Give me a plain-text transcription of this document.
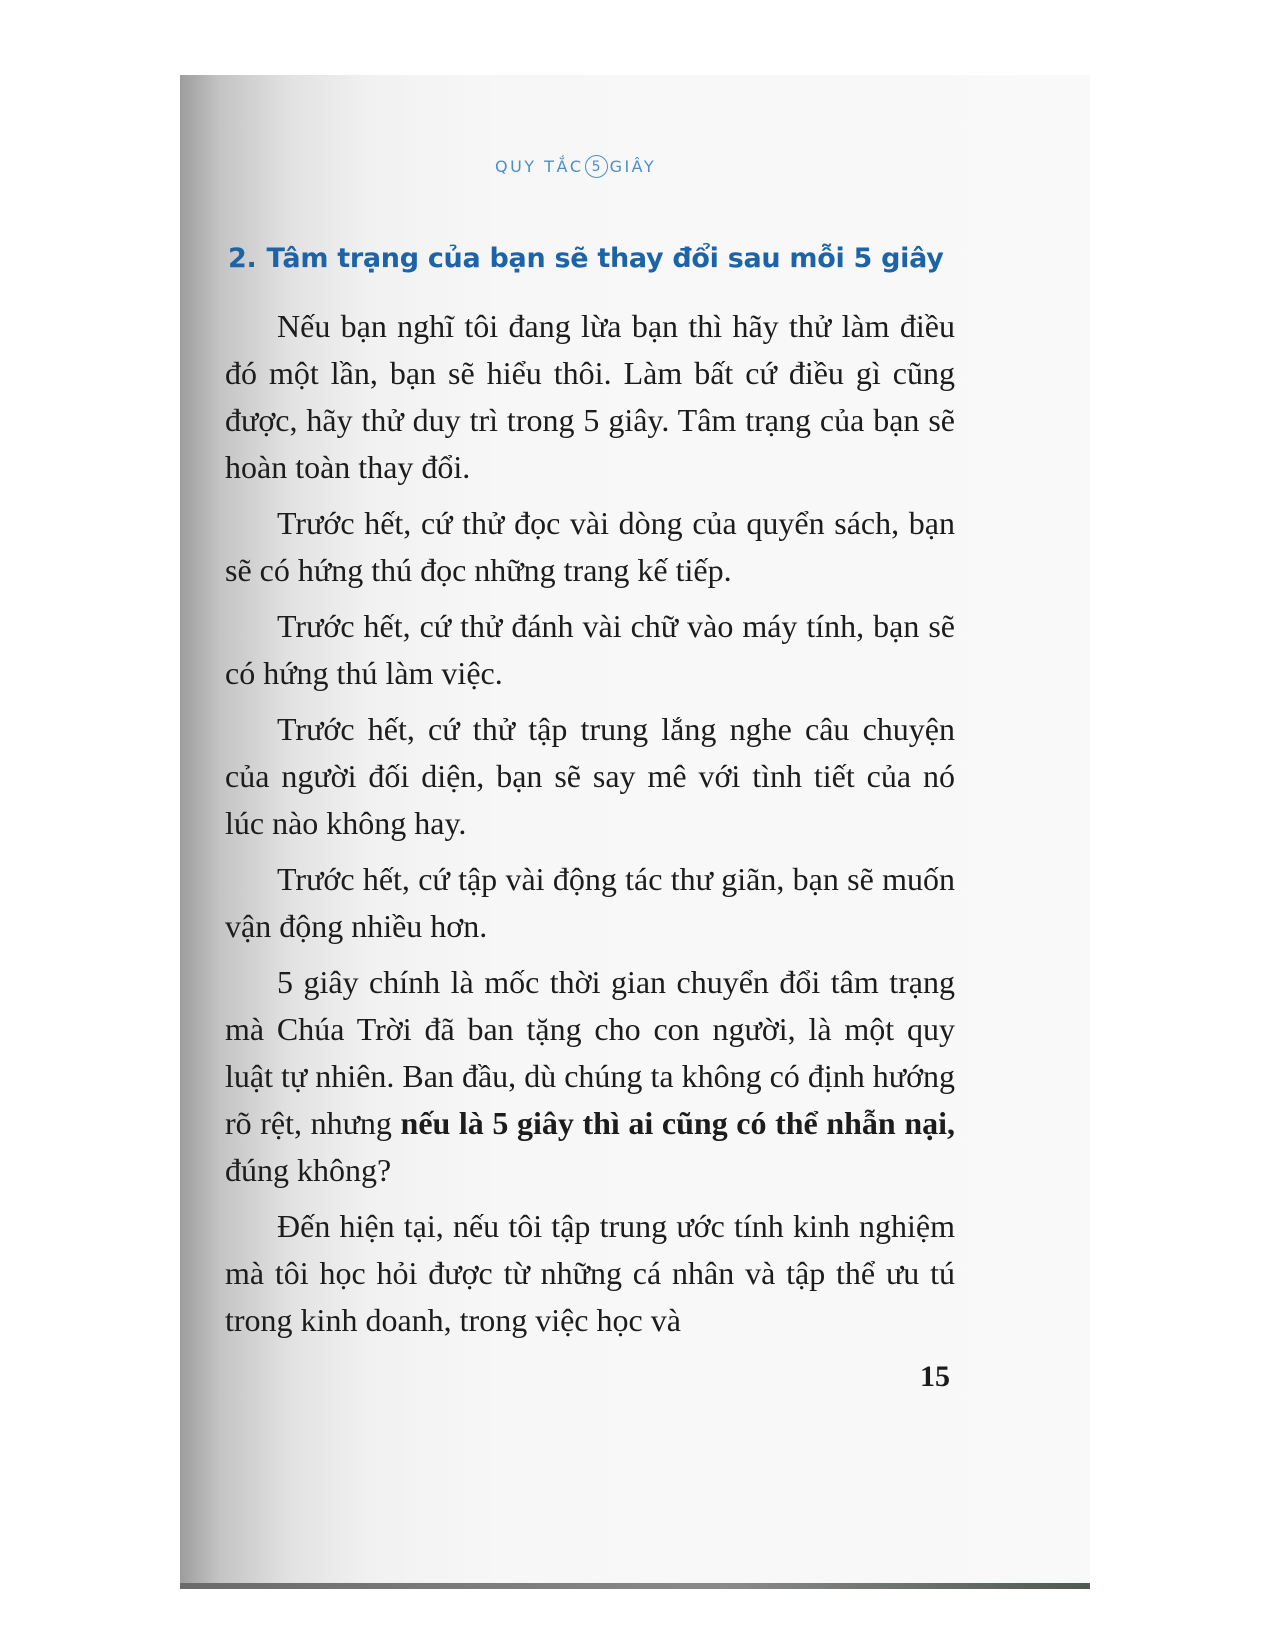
QUY TẮC 5 GIÂY
2. Tâm trạng của bạn sẽ thay đổi sau mỗi 5 giây

Nếu bạn nghĩ tôi đang lừa bạn thì hãy thử làm điều đó một lần, bạn sẽ hiểu thôi. Làm bất cứ điều gì cũng được, hãy thử duy trì trong 5 giây. Tâm trạng của bạn sẽ hoàn toàn thay đổi.

Trước hết, cứ thử đọc vài dòng của quyển sách, bạn sẽ có hứng thú đọc những trang kế tiếp.

Trước hết, cứ thử đánh vài chữ vào máy tính, bạn sẽ có hứng thú làm việc.

Trước hết, cứ thử tập trung lắng nghe câu chuyện của người đối diện, bạn sẽ say mê với tình tiết của nó lúc nào không hay.

Trước hết, cứ tập vài động tác thư giãn, bạn sẽ muốn vận động nhiều hơn.

5 giây chính là mốc thời gian chuyển đổi tâm trạng mà Chúa Trời đã ban tặng cho con người, là một quy luật tự nhiên. Ban đầu, dù chúng ta không có định hướng rõ rệt, nhưng nếu là 5 giây thì ai cũng có thể nhẫn nại, đúng không?

Đến hiện tại, nếu tôi tập trung ước tính kinh nghiệm mà tôi học hỏi được từ những cá nhân và tập thể ưu tú trong kinh doanh, trong việc học và

15
